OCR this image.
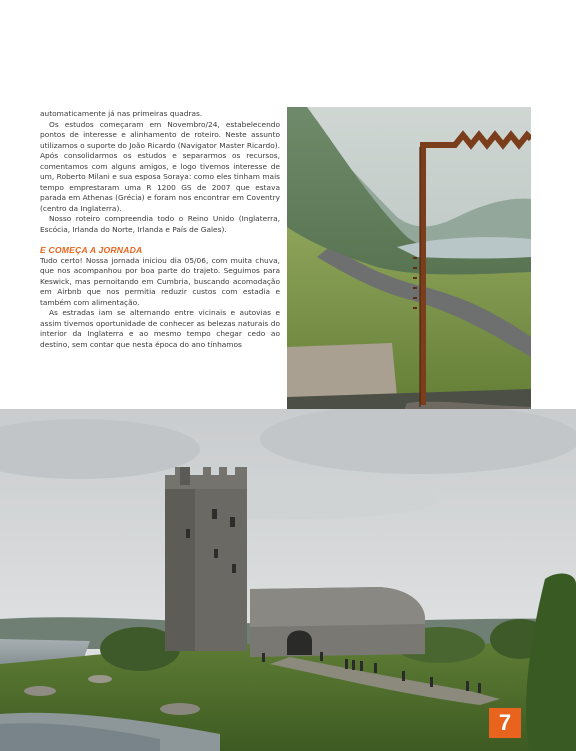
automaticamente já nas primeiras quadras.

Os estudos começaram em Novembro/24, estabelecendo pontos de interesse e alinhamento de roteiro. Neste assunto utilizamos o suporte do João Ricardo (Navigator Master Ricardo). Após consolidarmos os estudos e separarmos os recursos, comentamos com alguns amigos, e logo tivemos interesse de um, Roberto Milani e sua esposa Soraya: como eles tinham mais tempo emprestaram uma R 1200 GS de 2007 que estava parada em Athenas (Grécia) e foram nos encontrar em Coventry (centro da Inglaterra).

Nosso roteiro compreendia todo o Reino Unido (Inglaterra, Escócia, Irlanda do Norte, Irlanda e País de Gales).

E COMEÇA A JORNADA

Tudo certo! Nossa jornada iniciou dia 05/06, com muita chuva, que nos acompanhou por boa parte do trajeto. Seguimos para Keswick, mas pernoitando em Cumbria, buscando acomodação em Airbnb que nos permitia reduzir custos com estadia e também com alimentação.

As estradas iam se alternando entre vicinais e autovias e assim tivemos oportunidade de conhecer as belezas naturais do interior da Inglaterra e ao mesmo tempo chegar cedo ao destino, sem contar que nesta época do ano tínhamos

7
